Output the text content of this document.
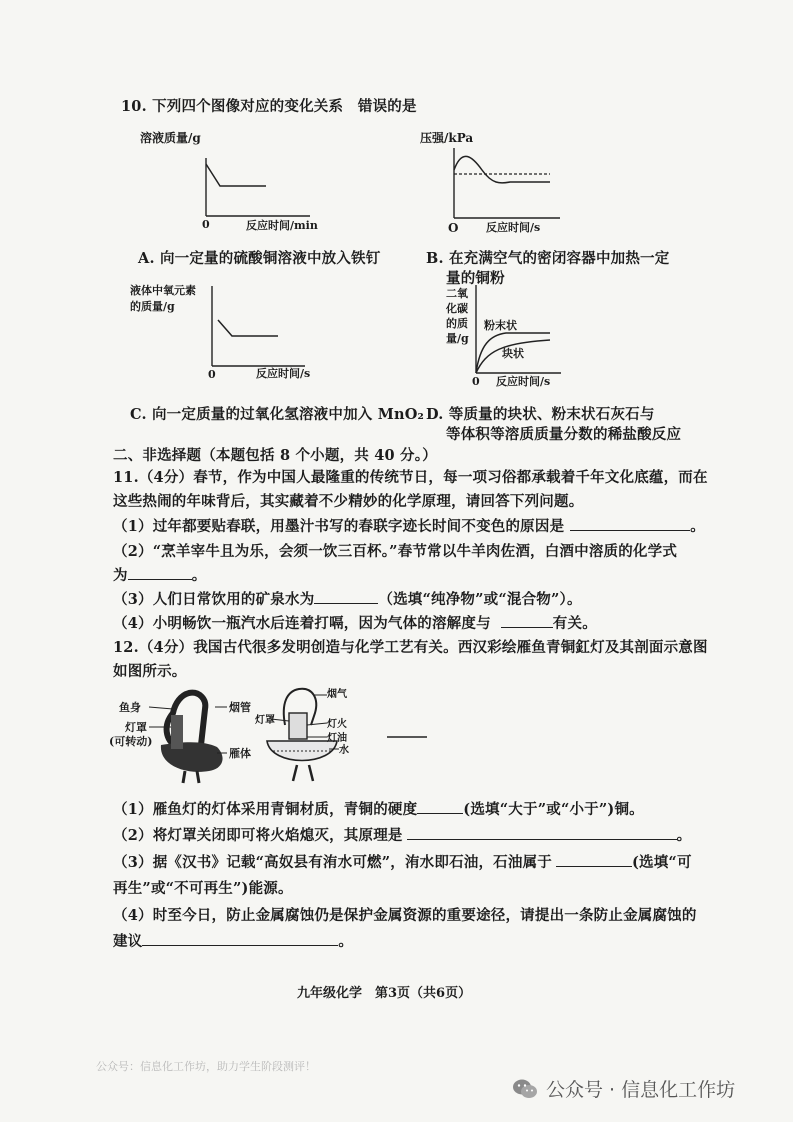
10. 下列四个图像对应的变化关系　 错误的是
溶液质量/g
0	反应时间/min
A. 向一定量的硫酸铜溶液中放入铁钉
压强/kPa
O	反应时间/s
B. 在充满空气的密闭容器中加热一定
量的铜粉
液体中氧元素
的质量/g
0	反应时间/s
C. 向一定质量的过氧化氢溶液中加入 MnO₂
二氧
化碳
的质
量/g
粉末状
块状
0 反应时间/s
D. 等质量的块状、粉末状石灰石与
等体积等溶质质量分数的稀盐酸反应
二、非选择题（本题包括 8 个小题，共 40 分。）
11.（4分）春节，作为中国人最隆重的传统节日，每一项习俗都承载着千年文化底蕴，而在
这些热闹的年味背后，其实藏着不少精妙的化学原理，请回答下列问题。
（1）过年都要贴春联，用墨汁书写的春联字迹长时间不变色的原因是	。
（2）“烹羊宰牛且为乐，会须一饮三百杯。”春节常以牛羊肉佐酒，白酒中溶质的化学式
为	。
（3）人们日常饮用的矿泉水为	（选填“纯净物”或“混合物”）。
（4）小明畅饮一瓶汽水后连着打嗝，因为气体的溶解度与	有关。
12.（4分）我国古代很多发明创造与化学工艺有关。西汉彩绘雁鱼青铜釭灯及其剖面示意图
如图所示。
鱼身	烟管
灯罩
(可转动)
雁体
烟气
灯罩	灯火
灯油
水
（1）雁鱼灯的灯体采用青铜材质，青铜的硬度	(选填“大于”或“小于”)铜。
（2）将灯罩关闭即可将火焰熄灭，其原理是	。
（3）据《汉书》记载“高奴县有洧水可燃”，洧水即石油，石油属于	(选填“可
再生”或“不可再生”)能源。
（4）时至今日，防止金属腐蚀仍是保护金属资源的重要途径，请提出一条防止金属腐蚀的
建议	。
九年级化学　第3页（共6页）
公众号：信息化工作坊，助力学生阶段测评！
公众号 · 信息化工作坊
